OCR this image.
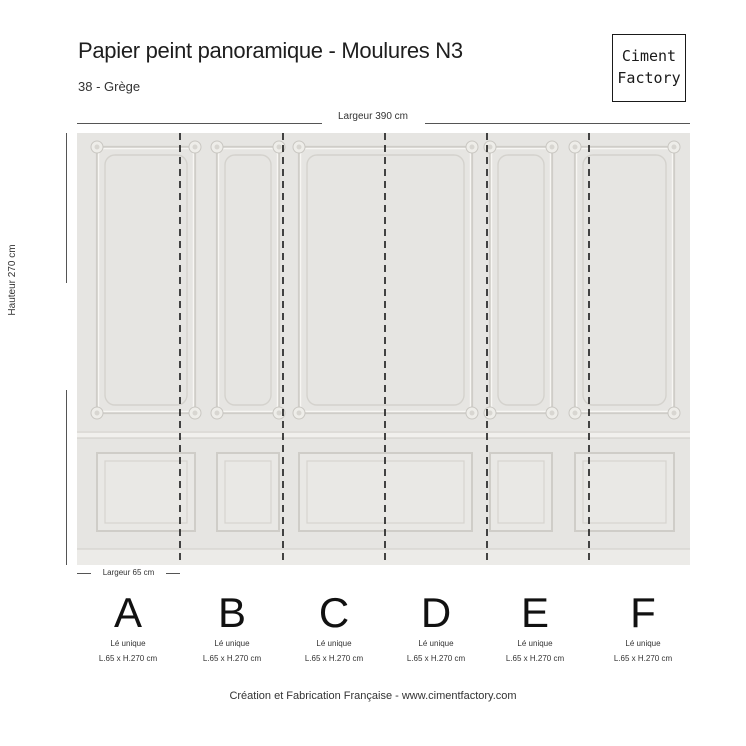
Papier peint panoramique - Moulures N3
38 - Grège
Ciment
Factory
Largeur 390 cm
Hauteur 270 cm
Largeur 65 cm
A
Lé unique
L.65 x H.270 cm
B
Lé unique
L.65 x H.270 cm
C
Lé unique
L.65 x H.270 cm
D
Lé unique
L.65 x H.270 cm
E
Lé unique
L.65 x H.270 cm
F
Lé unique
L.65 x H.270 cm
Création et Fabrication Française - www.cimentfactory.com
